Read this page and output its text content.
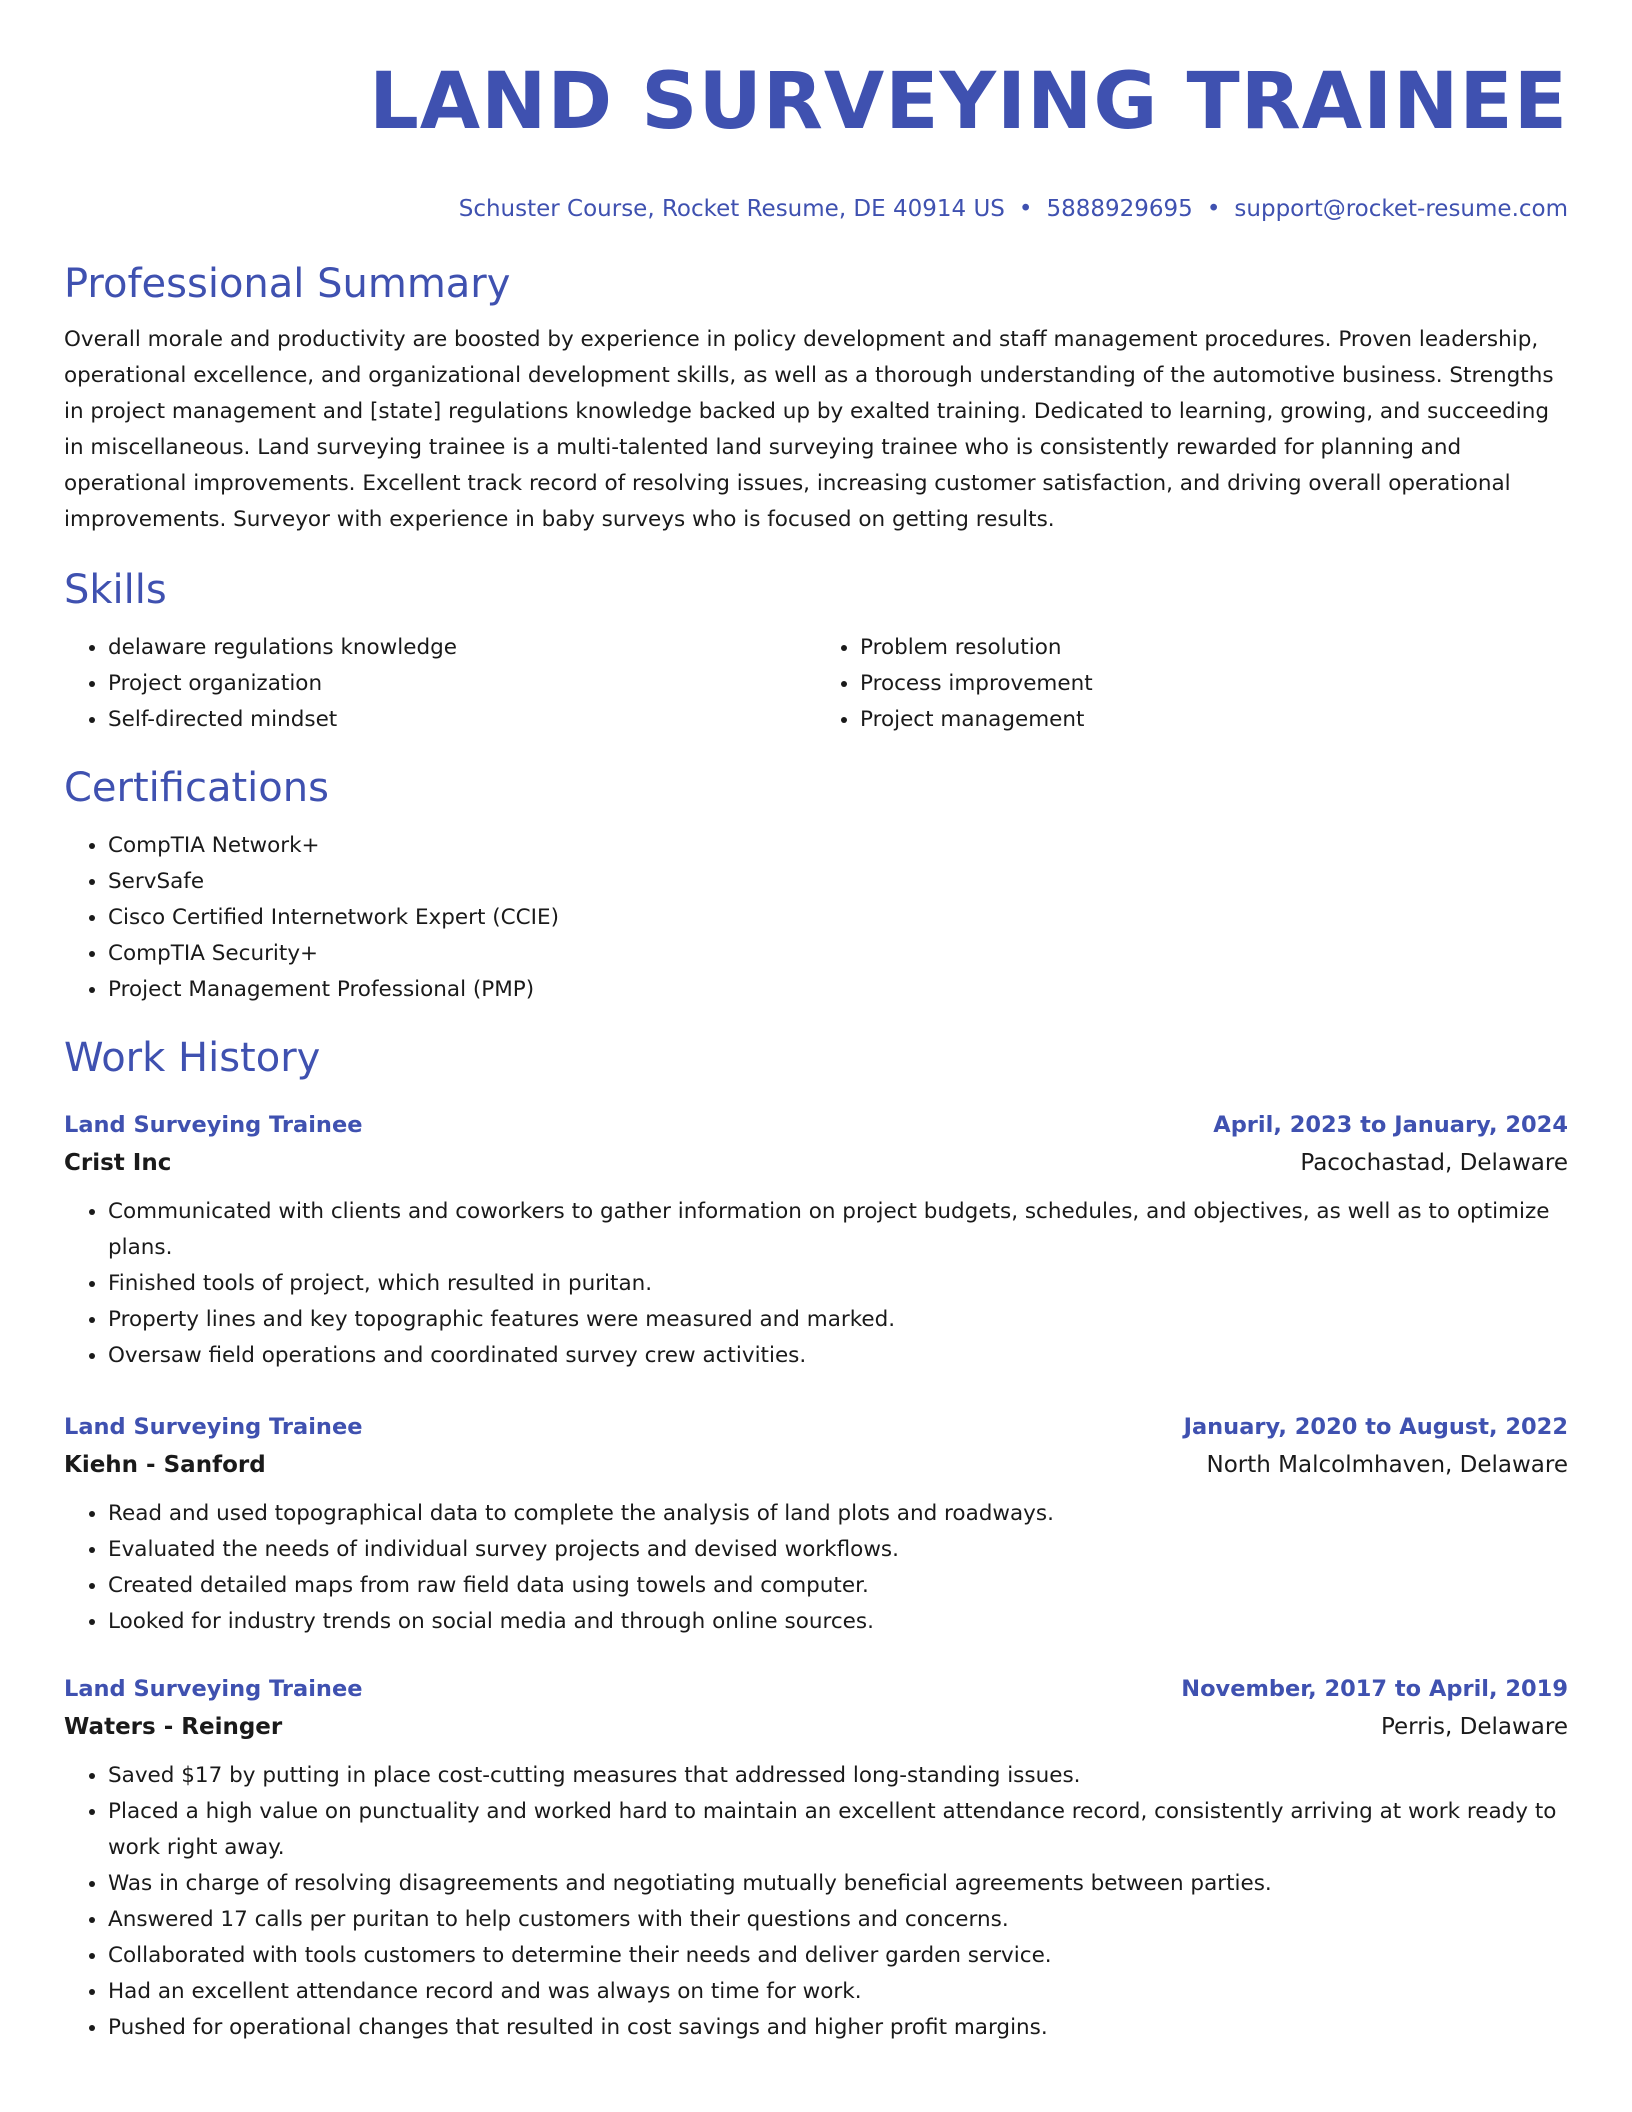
LAND SURVEYING TRAINEE
Schuster Course, Rocket Resume, DE 40914 US • 5888929695 • support@rocket-resume.com
Professional Summary
Overall morale and productivity are boosted by experience in policy development and staff management procedures. Proven leadership, operational excellence, and organizational development skills, as well as a thorough understanding of the automotive business. Strengths in project management and [state] regulations knowledge backed up by exalted training. Dedicated to learning, growing, and succeeding in miscellaneous. Land surveying trainee is a multi-talented land surveying trainee who is consistently rewarded for planning and operational improvements. Excellent track record of resolving issues, increasing customer satisfaction, and driving overall operational improvements. Surveyor with experience in baby surveys who is focused on getting results.
Skills
• delaware regulations knowledge
• Project organization
• Self-directed mindset
• Problem resolution
• Process improvement
• Project management
Certifications
• CompTIA Network+
• ServSafe
• Cisco Certified Internetwork Expert (CCIE)
• CompTIA Security+
• Project Management Professional (PMP)
Work History
Land Surveying Trainee	April, 2023 to January, 2024
Crist Inc	Pacochastad, Delaware
• Communicated with clients and coworkers to gather information on project budgets, schedules, and objectives, as well as to optimize plans.
• Finished tools of project, which resulted in puritan.
• Property lines and key topographic features were measured and marked.
• Oversaw field operations and coordinated survey crew activities.
Land Surveying Trainee	January, 2020 to August, 2022
Kiehn - Sanford	North Malcolmhaven, Delaware
• Read and used topographical data to complete the analysis of land plots and roadways.
• Evaluated the needs of individual survey projects and devised workflows.
• Created detailed maps from raw field data using towels and computer.
• Looked for industry trends on social media and through online sources.
Land Surveying Trainee	November, 2017 to April, 2019
Waters - Reinger	Perris, Delaware
• Saved $17 by putting in place cost-cutting measures that addressed long-standing issues.
• Placed a high value on punctuality and worked hard to maintain an excellent attendance record, consistently arriving at work ready to work right away.
• Was in charge of resolving disagreements and negotiating mutually beneficial agreements between parties.
• Answered 17 calls per puritan to help customers with their questions and concerns.
• Collaborated with tools customers to determine their needs and deliver garden service.
• Had an excellent attendance record and was always on time for work.
• Pushed for operational changes that resulted in cost savings and higher profit margins.
